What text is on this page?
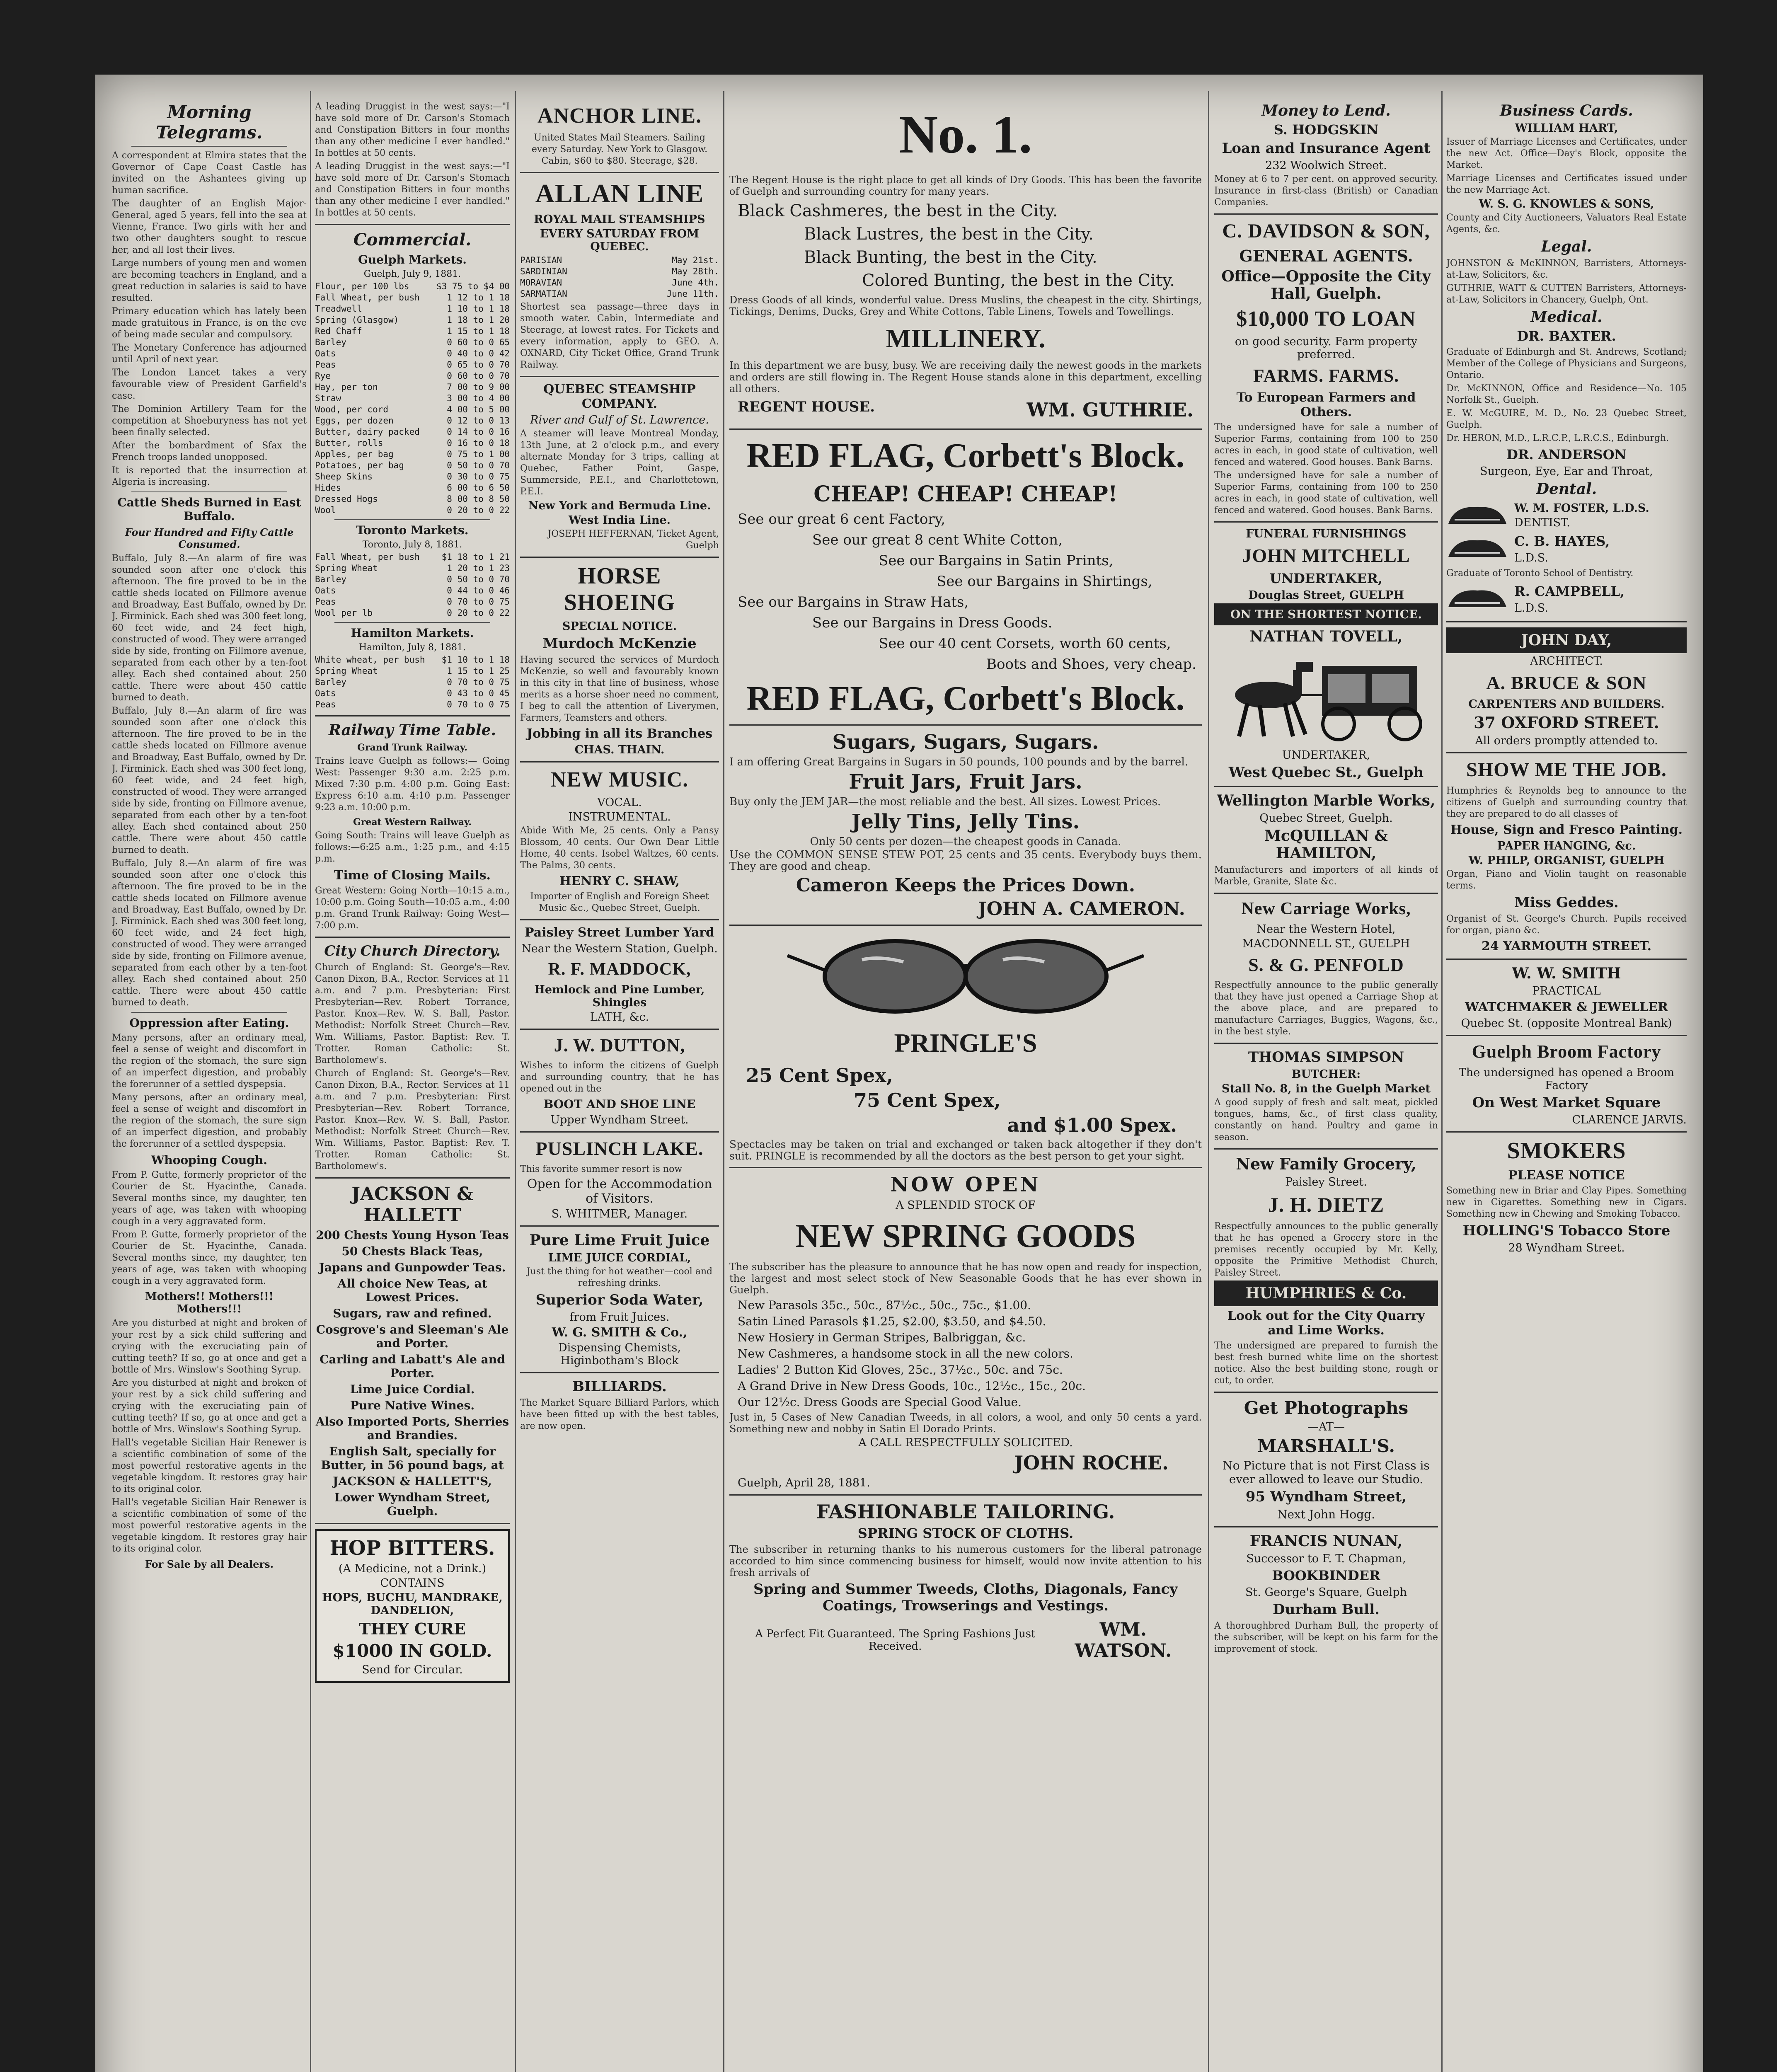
Morning Telegrams.

A correspondent at Elmira states that the Governor of Cape Coast Castle has invited on the Ashantees giving up human sacrifice.

The daughter of an English Major-General, aged 5 years, fell into the sea at Vienne, France. Two girls with her and two other daughters sought to rescue her, and all lost their lives.

Large numbers of young men and women are becoming teachers in England, and a great reduction in salaries is said to have resulted.

Primary education which has lately been made gratuitous in France, is on the eve of being made secular and compulsory.

The Monetary Conference has adjourned until April of next year.

The London Lancet takes a very favourable view of President Garfield's case.

The Dominion Artillery Team for the competition at Shoeburyness has not yet been finally selected.

After the bombardment of Sfax the French troops landed unopposed.

It is reported that the insurrection at Algeria is increasing.

Cattle Sheds Burned in East Buffalo.
Four Hundred and Fifty Cattle Consumed.

Buffalo, July 8.—An alarm of fire was sounded soon after one o'clock this afternoon. The fire proved to be in the cattle sheds located on Fillmore avenue and Broadway, East Buffalo, owned by Dr. J. Firminick. Each shed was 300 feet long, 60 feet wide, and 24 feet high, constructed of wood. They were arranged side by side, fronting on Fillmore avenue, separated from each other by a ten-foot alley. Each shed contained about 250 cattle. There were about 450 cattle burned to death.

Buffalo, July 8.—An alarm of fire was sounded soon after one o'clock this afternoon. The fire proved to be in the cattle sheds located on Fillmore avenue and Broadway, East Buffalo, owned by Dr. J. Firminick. Each shed was 300 feet long, 60 feet wide, and 24 feet high, constructed of wood. They were arranged side by side, fronting on Fillmore avenue, separated from each other by a ten-foot alley. Each shed contained about 250 cattle. There were about 450 cattle burned to death.

Buffalo, July 8.—An alarm of fire was sounded soon after one o'clock this afternoon. The fire proved to be in the cattle sheds located on Fillmore avenue and Broadway, East Buffalo, owned by Dr. J. Firminick. Each shed was 300 feet long, 60 feet wide, and 24 feet high, constructed of wood. They were arranged side by side, fronting on Fillmore avenue, separated from each other by a ten-foot alley. Each shed contained about 250 cattle. There were about 450 cattle burned to death.

Oppression after Eating.

Many persons, after an ordinary meal, feel a sense of weight and discomfort in the region of the stomach, the sure sign of an imperfect digestion, and probably the forerunner of a settled dyspepsia.

Many persons, after an ordinary meal, feel a sense of weight and discomfort in the region of the stomach, the sure sign of an imperfect digestion, and probably the forerunner of a settled dyspepsia.

Whooping Cough.

From P. Gutte, formerly proprietor of the Courier de St. Hyacinthe, Canada. Several months since, my daughter, ten years of age, was taken with whooping cough in a very aggravated form.

From P. Gutte, formerly proprietor of the Courier de St. Hyacinthe, Canada. Several months since, my daughter, ten years of age, was taken with whooping cough in a very aggravated form.

Mothers!! Mothers!!! Mothers!!!

Are you disturbed at night and broken of your rest by a sick child suffering and crying with the excruciating pain of cutting teeth? If so, go at once and get a bottle of Mrs. Winslow's Soothing Syrup.

Are you disturbed at night and broken of your rest by a sick child suffering and crying with the excruciating pain of cutting teeth? If so, go at once and get a bottle of Mrs. Winslow's Soothing Syrup.

Hall's vegetable Sicilian Hair Renewer is a scientific combination of some of the most powerful restorative agents in the vegetable kingdom. It restores gray hair to its original color.

Hall's vegetable Sicilian Hair Renewer is a scientific combination of some of the most powerful restorative agents in the vegetable kingdom. It restores gray hair to its original color.

For Sale by all Dealers.

A leading Druggist in the west says:—"I have sold more of Dr. Carson's Stomach and Constipation Bitters in four months than any other medicine I ever handled." In bottles at 50 cents.

A leading Druggist in the west says:—"I have sold more of Dr. Carson's Stomach and Constipation Bitters in four months than any other medicine I ever handled." In bottles at 50 cents.

Commercial.
Guelph Markets.
Guelph, July 9, 1881.
Flour, per 100 lbs	$3 75 to $4 00
Fall Wheat, per bush	1 12 to 1 18
Treadwell	1 10 to 1 18
Spring (Glasgow)	1 18 to 1 20
Red Chaff	1 15 to 1 18
Barley	0 60 to 0 65
Oats	0 40 to 0 42
Peas	0 65 to 0 70
Rye	0 60 to 0 70
Hay, per ton	7 00 to 9 00
Straw	3 00 to 4 00
Wood, per cord	4 00 to 5 00
Eggs, per dozen	0 12 to 0 13
Butter, dairy packed	0 14 to 0 16
Butter, rolls	0 16 to 0 18
Apples, per bag	0 75 to 1 00
Potatoes, per bag	0 50 to 0 70
Sheep Skins	0 30 to 0 75
Hides	6 00 to 6 50
Dressed Hogs	8 00 to 8 50
Wool	0 20 to 0 22
Toronto Markets.
Toronto, July 8, 1881.
Fall Wheat, per bush	$1 18 to 1 21
Spring Wheat	1 20 to 1 23
Barley	0 50 to 0 70
Oats	0 44 to 0 46
Peas	0 70 to 0 75
Wool per lb	0 20 to 0 22
Hamilton Markets.
Hamilton, July 8, 1881.
White wheat, per bush $1 10 to 1 18
Spring Wheat	1 15 to 1 25
Barley	0 70 to 0 75
Oats	0 43 to 0 45
Peas	0 70 to 0 75
Railway Time Table.
Grand Trunk Railway.

Trains leave Guelph as follows:— Going West: Passenger 9:30 a.m. 2:25 p.m. Mixed 7:30 p.m. 4:00 p.m. Going East: Express 6:10 a.m. 4:10 p.m. Passenger 9:23 a.m. 10:00 p.m.

Great Western Railway.

Going South: Trains will leave Guelph as follows:—6:25 a.m., 1:25 p.m., and 4:15 p.m.

Time of Closing Mails.

Great Western: Going North—10:15 a.m., 10:00 p.m. Going South—10:05 a.m., 4:00 p.m. Grand Trunk Railway: Going West—7:00 p.m.

City Church Directory.

Church of England: St. George's—Rev. Canon Dixon, B.A., Rector. Services at 11 a.m. and 7 p.m. Presbyterian: First Presbyterian—Rev. Robert Torrance, Pastor. Knox—Rev. W. S. Ball, Pastor. Methodist: Norfolk Street Church—Rev. Wm. Williams, Pastor. Baptist: Rev. T. Trotter. Roman Catholic: St. Bartholomew's.

Church of England: St. George's—Rev. Canon Dixon, B.A., Rector. Services at 11 a.m. and 7 p.m. Presbyterian: First Presbyterian—Rev. Robert Torrance, Pastor. Knox—Rev. W. S. Ball, Pastor. Methodist: Norfolk Street Church—Rev. Wm. Williams, Pastor. Baptist: Rev. T. Trotter. Roman Catholic: St. Bartholomew's.

JACKSON & HALLETT
200 Chests Young Hyson Teas
50 Chests Black Teas,
Japans and Gunpowder Teas.
All choice New Teas, at Lowest Prices.
Sugars, raw and refined.
Cosgrove's and Sleeman's Ale and Porter.
Carling and Labatt's Ale and Porter.
Lime Juice Cordial.
Pure Native Wines.
Also Imported Ports, Sherries and Brandies.
English Salt, specially for Butter, in 56 pound bags, at
JACKSON & HALLETT'S,
Lower Wyndham Street, Guelph.
HOP BITTERS.
(A Medicine, not a Drink.)
CONTAINS
HOPS, BUCHU, MANDRAKE, DANDELION,
THEY CURE
$1000 IN GOLD.
Send for Circular.
ANCHOR LINE.

United States Mail Steamers. Sailing every Saturday. New York to Glasgow. Cabin, $60 to $80. Steerage, $28.

ALLAN LINE
ROYAL MAIL STEAMSHIPS
EVERY SATURDAY FROM QUEBEC.
PARISIAN	May 21st.
SARDINIAN	May 28th.
MORAVIAN	June 4th.
SARMATIAN	June 11th.

Shortest sea passage—three days in smooth water. Cabin, Intermediate and Steerage, at lowest rates. For Tickets and every information, apply to GEO. A. OXNARD, City Ticket Office, Grand Trunk Railway.

QUEBEC STEAMSHIP COMPANY.
River and Gulf of St. Lawrence.

A steamer will leave Montreal Monday, 13th June, at 2 o'clock p.m., and every alternate Monday for 3 trips, calling at Quebec, Father Point, Gaspe, Summerside, P.E.I., and Charlottetown, P.E.I.

New York and Bermuda Line.
West India Line.

JOSEPH HEFFERNAN, Ticket Agent, Guelph

HORSE SHOEING
SPECIAL NOTICE.
Murdoch McKenzie

Having secured the services of Murdoch McKenzie, so well and favourably known in this city in that line of business, whose merits as a horse shoer need no comment, I beg to call the attention of Liverymen, Farmers, Teamsters and others.

Jobbing in all its Branches
CHAS. THAIN.
NEW MUSIC.
VOCAL.
INSTRUMENTAL.

Abide With Me, 25 cents. Only a Pansy Blossom, 40 cents. Our Own Dear Little Home, 40 cents. Isobel Waltzes, 60 cents. The Palms, 30 cents.

HENRY C. SHAW,

Importer of English and Foreign Sheet Music &c., Quebec Street, Guelph.

Paisley Street Lumber Yard
Near the Western Station, Guelph.
R. F. MADDOCK,
Hemlock and Pine Lumber, Shingles
LATH, &c.
J. W. DUTTON,

Wishes to inform the citizens of Guelph and surrounding country, that he has opened out in the

BOOT AND SHOE LINE
Upper Wyndham Street.
PUSLINCH LAKE.

This favorite summer resort is now

Open for the Accommodation of Visitors.
S. WHITMER, Manager.
Pure Lime Fruit Juice
LIME JUICE CORDIAL,

Just the thing for hot weather—cool and refreshing drinks.

Superior Soda Water,
from Fruit Juices.
W. G. SMITH & Co.,
Dispensing Chemists, Higinbotham's Block
BILLIARDS.

The Market Square Billiard Parlors, which have been fitted up with the best tables, are now open.

No. 1.

The Regent House is the right place to get all kinds of Dry Goods. This has been the favorite of Guelph and surrounding country for many years.

Black Cashmeres, the best in the City.
Black Lustres, the best in the City.
Black Bunting, the best in the City.
Colored Bunting, the best in the City.

Dress Goods of all kinds, wonderful value. Dress Muslins, the cheapest in the city. Shirtings, Tickings, Denims, Ducks, Grey and White Cottons, Table Linens, Towels and Towellings.

MILLINERY.

In this department we are busy, busy. We are receiving daily the newest goods in the markets and orders are still flowing in. The Regent House stands alone in this department, excelling all others.

REGENT HOUSE.	WM. GUTHRIE.
RED FLAG, Corbett's Block.
CHEAP! CHEAP! CHEAP!
See our great 6 cent Factory,
See our great 8 cent White Cotton,
See our Bargains in Satin Prints,
See our Bargains in Shirtings,
See our Bargains in Straw Hats,
See our Bargains in Dress Goods.
See our 40 cent Corsets, worth 60 cents,
Boots and Shoes, very cheap.
RED FLAG, Corbett's Block.
Sugars, Sugars, Sugars.

I am offering Great Bargains in Sugars in 50 pounds, 100 pounds and by the barrel.

Fruit Jars, Fruit Jars.

Buy only the JEM JAR—the most reliable and the best. All sizes. Lowest Prices.

Jelly Tins, Jelly Tins.

Only 50 cents per dozen—the cheapest goods in Canada.

Use the COMMON SENSE STEW POT, 25 cents and 35 cents. Everybody buys them. They are good and cheap.

Cameron Keeps the Prices Down.
JOHN A. CAMERON.
PRINGLE'S
25 Cent Spex,
75 Cent Spex,
and $1.00 Spex.

Spectacles may be taken on trial and exchanged or taken back altogether if they don't suit. PRINGLE is recommended by all the doctors as the best person to get your sight.

NOW OPEN
A SPLENDID STOCK OF
NEW SPRING GOODS

The subscriber has the pleasure to announce that he has now open and ready for inspection, the largest and most select stock of New Seasonable Goods that he has ever shown in Guelph.

New Parasols 35c., 50c., 87½c., 50c., 75c., $1.00.
Satin Lined Parasols $1.25, $2.00, $3.50, and $4.50.
New Hosiery in German Stripes, Balbriggan, &c.
New Cashmeres, a handsome stock in all the new colors.
Ladies' 2 Button Kid Gloves, 25c., 37½c., 50c. and 75c.
A Grand Drive in New Dress Goods, 10c., 12½c., 15c., 20c.
Our 12½c. Dress Goods are Special Good Value.

Just in, 5 Cases of New Canadian Tweeds, in all colors, a wool, and only 50 cents a yard. Something new and nobby in Satin El Dorado Prints.

A CALL RESPECTFULLY SOLICITED.
JOHN ROCHE.
Guelph, April 28, 1881.
FASHIONABLE TAILORING.
SPRING STOCK OF CLOTHS.

The subscriber in returning thanks to his numerous customers for the liberal patronage accorded to him since commencing business for himself, would now invite attention to his fresh arrivals of

Spring and Summer Tweeds, Cloths, Diagonals, Fancy Coatings, Trowserings and Vestings.
A Perfect Fit Guaranteed. The Spring Fashions Just Received.
WM. WATSON.
Money to Lend.
S. HODGSKIN
Loan and Insurance Agent
232 Woolwich Street.

Money at 6 to 7 per cent. on approved security. Insurance in first-class (British) or Canadian Companies.

C. DAVIDSON & SON,
GENERAL AGENTS.
Office—Opposite the City Hall, Guelph.
$10,000 TO LOAN
on good security. Farm property preferred.
FARMS. FARMS.
To European Farmers and Others.

The undersigned have for sale a number of Superior Farms, containing from 100 to 250 acres in each, in good state of cultivation, well fenced and watered. Good houses. Bank Barns.

The undersigned have for sale a number of Superior Farms, containing from 100 to 250 acres in each, in good state of cultivation, well fenced and watered. Good houses. Bank Barns.

FUNERAL FURNISHINGS
JOHN MITCHELL
UNDERTAKER,
Douglas Street, GUELPH
ON THE SHORTEST NOTICE.
NATHAN TOVELL,
UNDERTAKER,
West Quebec St., Guelph
Wellington Marble Works,
Quebec Street, Guelph.
McQUILLAN & HAMILTON,

Manufacturers and importers of all kinds of Marble, Granite, Slate &c.

New Carriage Works,
Near the Western Hotel,
MACDONNELL ST., GUELPH
S. & G. PENFOLD

Respectfully announce to the public generally that they have just opened a Carriage Shop at the above place, and are prepared to manufacture Carriages, Buggies, Wagons, &c., in the best style.

THOMAS SIMPSON
BUTCHER:
Stall No. 8, in the Guelph Market

A good supply of fresh and salt meat, pickled tongues, hams, &c., of first class quality, constantly on hand. Poultry and game in season.

New Family Grocery,
Paisley Street.
J. H. DIETZ

Respectfully announces to the public generally that he has opened a Grocery store in the premises recently occupied by Mr. Kelly, opposite the Primitive Methodist Church, Paisley Street.

HUMPHRIES & Co.
Look out for the City Quarry and Lime Works.

The undersigned are prepared to furnish the best fresh burned white lime on the shortest notice. Also the best building stone, rough or cut, to order.

Get Photographs
—AT—
MARSHALL'S.
No Picture that is not First Class is ever allowed to leave our Studio.
95 Wyndham Street,
Next John Hogg.
FRANCIS NUNAN,
Successor to F. T. Chapman,
BOOKBINDER
St. George's Square, Guelph
Durham Bull.

A thoroughbred Durham Bull, the property of the subscriber, will be kept on his farm for the improvement of stock.

Business Cards.
WILLIAM HART,

Issuer of Marriage Licenses and Certificates, under the new Act. Office—Day's Block, opposite the Market.

Marriage Licenses and Certificates issued under the new Marriage Act.

W. S. G. KNOWLES & SONS,

County and City Auctioneers, Valuators Real Estate Agents, &c.

Legal.

JOHNSTON & McKINNON, Barristers, Attorneys-at-Law, Solicitors, &c.

GUTHRIE, WATT & CUTTEN Barristers, Attorneys-at-Law, Solicitors in Chancery, Guelph, Ont.

Medical.
DR. BAXTER.

Graduate of Edinburgh and St. Andrews, Scotland; Member of the College of Physicians and Surgeons, Ontario.

Dr. McKINNON, Office and Residence—No. 105 Norfolk St., Guelph.

E. W. McGUIRE, M. D., No. 23 Quebec Street, Guelph.

Dr. HERON, M.D., L.R.C.P., L.R.C.S., Edinburgh.

DR. ANDERSON
Surgeon, Eye, Ear and Throat,
Dental.
W. M. FOSTER, L.D.S.
DENTIST.
C. B. HAYES,
L.D.S.

Graduate of Toronto School of Dentistry.

R. CAMPBELL,
L.D.S.
JOHN DAY,
ARCHITECT.
A. BRUCE & SON
CARPENTERS AND BUILDERS.
37 OXFORD STREET.
All orders promptly attended to.
SHOW ME THE JOB.

Humphries & Reynolds beg to announce to the citizens of Guelph and surrounding country that they are prepared to do all classes of

House, Sign and Fresco Painting.
PAPER HANGING, &c.
W. PHILP, ORGANIST, GUELPH

Organ, Piano and Violin taught on reasonable terms.

Miss Geddes.

Organist of St. George's Church. Pupils received for organ, piano &c.

24 YARMOUTH STREET.
W. W. SMITH
PRACTICAL
WATCHMAKER & JEWELLER
Quebec St. (opposite Montreal Bank)
Guelph Broom Factory
The undersigned has opened a Broom Factory
On West Market Square
CLARENCE JARVIS.
SMOKERS
PLEASE NOTICE

Something new in Briar and Clay Pipes. Something new in Cigarettes. Something new in Cigars. Something new in Chewing and Smoking Tobacco.

HOLLING'S Tobacco Store
28 Wyndham Street.
